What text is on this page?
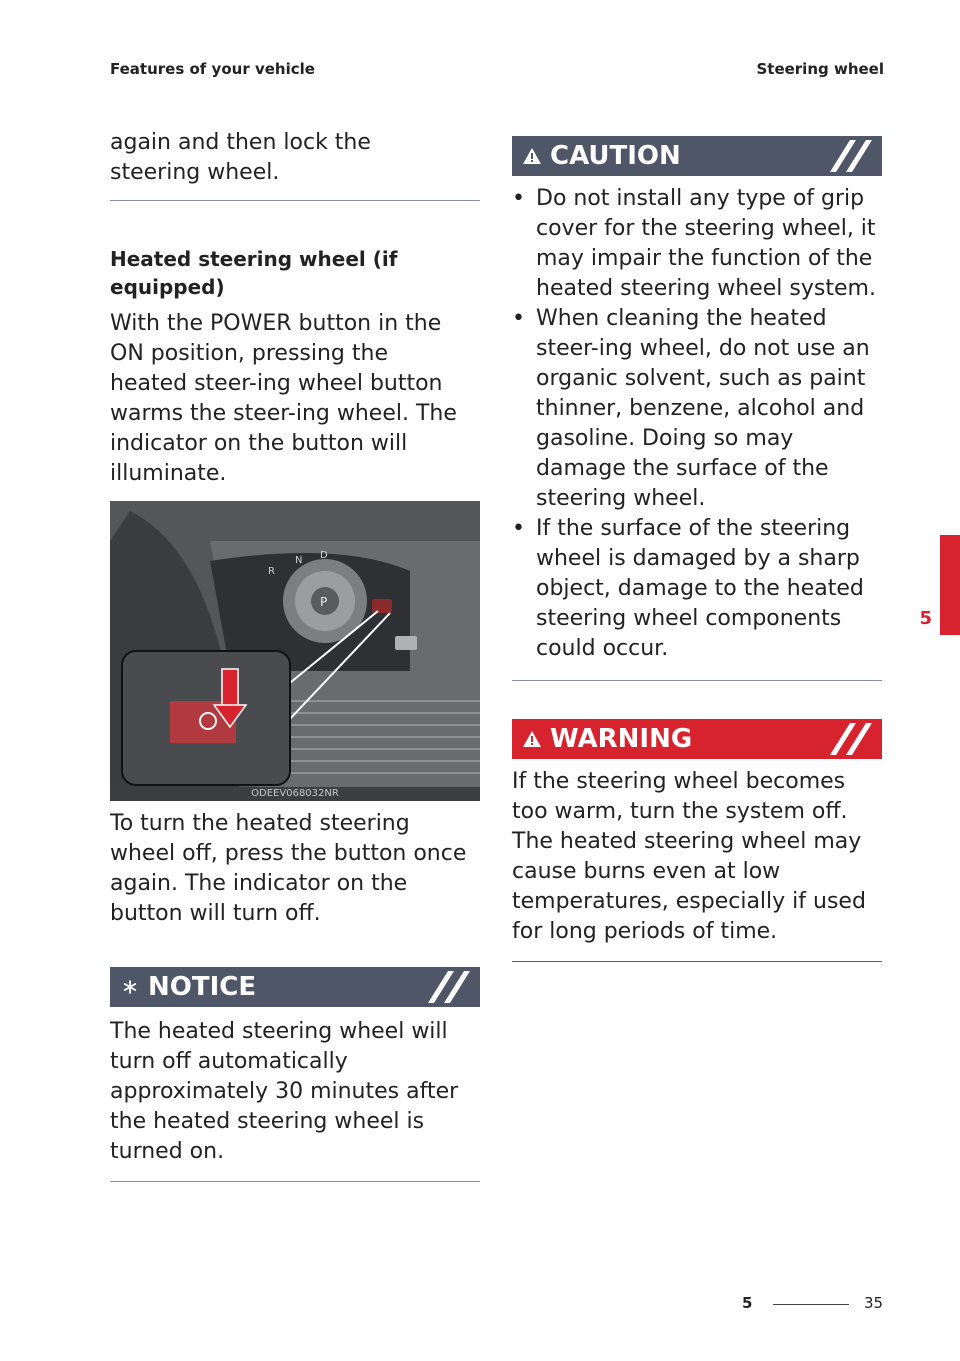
Features of your vehicle	Steering wheel

again and then lock the steering wheel.

Heated steering wheel (if equipped)

With the POWER button in the ON position, pressing the heated steer-ing wheel button warms the steer-ing wheel. The indicator on the button will illuminate.

P
R
N D
ODEEV068032NR

To turn the heated steering wheel off, press the button once again. The indicator on the button will turn off.

NOTICE

The heated steering wheel will turn off automatically approximately 30 minutes after the heated steering wheel is turned on.

CAUTION
• Do not install any type of grip cover for the steering wheel, it may impair the function of the heated steering wheel system.
• When cleaning the heated steer-ing wheel, do not use an organic solvent, such as paint thinner, benzene, alcohol and gasoline. Doing so may damage the surface of the steering wheel.
• If the surface of the steering wheel is damaged by a sharp object, damage to the heated steering wheel components could occur.
WARNING

If the steering wheel becomes too warm, turn the system off. The heated steering wheel may cause burns even at low temperatures, especially if used for long periods of time.

5
5	35
